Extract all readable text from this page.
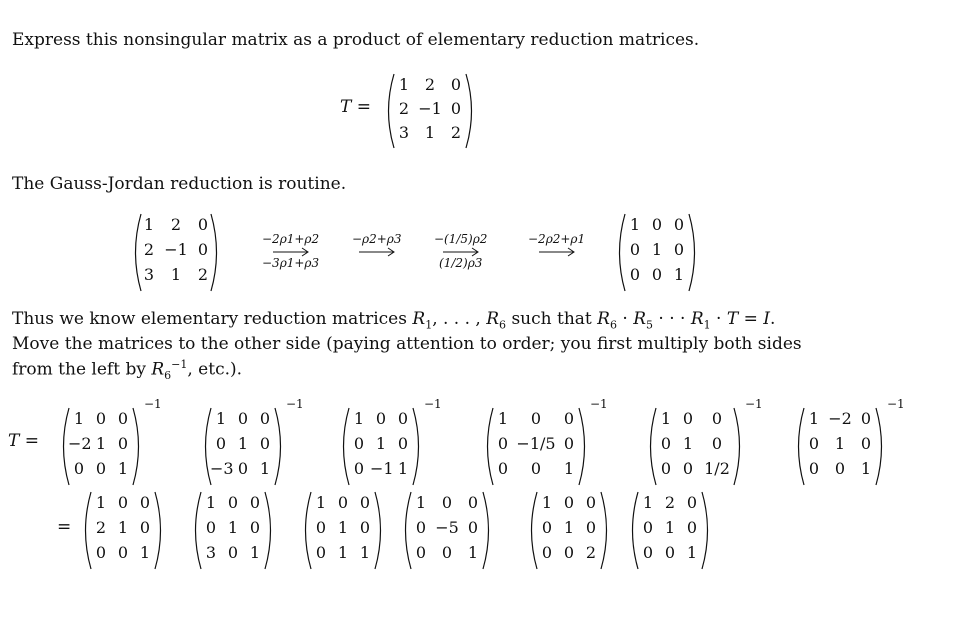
Express this nonsingular matrix as a product of elementary reduction matrices.
T =
1 2 0
2 −1 0
3 1 2
The Gauss-Jordan reduction is routine.
1	2	0
2 −1 0
3	1	2
−2ρ1+ρ2
−3ρ1+ρ3
−ρ2+ρ3	−(1/5)ρ2
(1/2)ρ3
−2ρ2+ρ1
1 0 0
0 1 0
0 0 1
Thus we know elementary reduction matrices $R_1$, . . . , $R_6$ such that $R_6 \cdot R_5$ · · · $R_1 \cdot T = I$.
Move the matrices to the other side (paying attention to order; you first multiply both sides
from the left by $R_6^{-1}$, etc.).
T =
1 0 0
−2 1 0
0 0 1
−1
1 0 0
0 1 0
−3 0 1
−1
1 0 0
0 1 0
0 −1 1
−1
1	0	0
0 −1/5 0
0	0	1
−1
1 0	0
0 1	0
0 0 1/2
−1
1 −2 0
0 1 0
0 0 1
−1
=
1 0 0
2 1 0
0 0 1
1 0 0
0 1 0
3 0 1
1 0 0
0 1 0
0 1 1
1 0 0
0 −5 0
0 0 1
1 0 0
0 1 0
0 0 2
1 2 0
0 1 0
0 0 1
